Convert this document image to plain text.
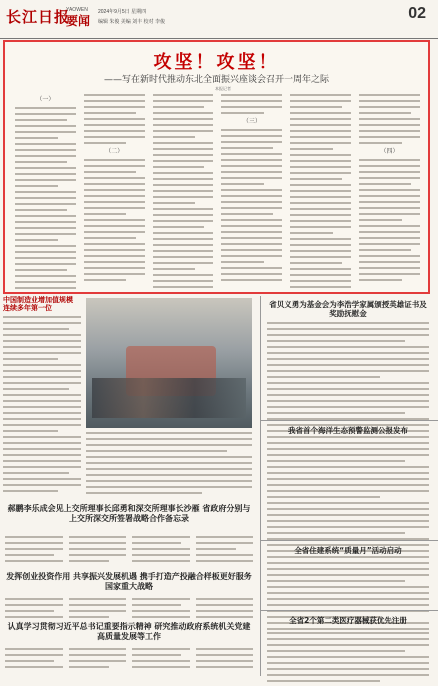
长江日报
YAOWEN
要闻
2024年9月5日 星期四
编辑 朱俊 美编 刘丰 校对 李俊	02
攻坚！攻坚！
——写在新时代推动东北全面振兴座谈会召开一周年之际
本报记者
（一）
（二）
（三）
（四）
中国制造业增加值规模 连续多年第一位
郝鹏李乐成会见上交所理事长邱勇和深交所理事长沙雁 省政府分别与上交所深交所签署战略合作备忘录
发挥创业投资作用 共享振兴发展机遇 携手打造产投融合样板更好服务国家重大战略
认真学习贯彻习近平总书记重要指示精神 研究推动政府系统机关党建高质量发展等工作
省贝义勇为基金会为李浩学家属颁授英雄证书及奖励抚慰金
我省首个海洋生态预警监测公报发布
全省住建系统“质量月”活动启动
全省2个第二类医疗器械获优先注册
